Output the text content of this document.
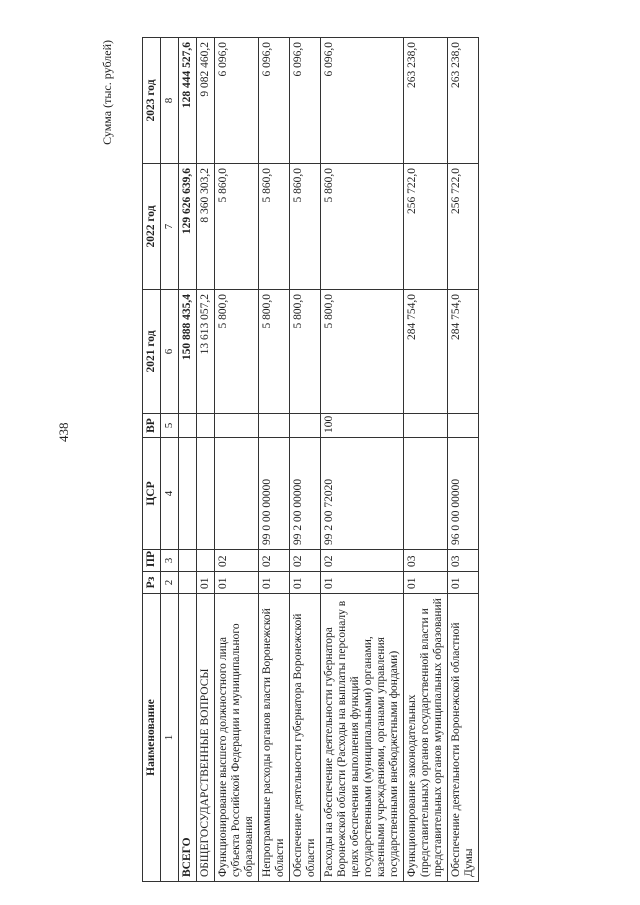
438
Сумма (тыс. рублей)
Наименование	Рз	ПР	ЦСР	ВР	2021 год	2022 год	2023 год
1	2	3	4	5	6	7	8
ВСЕГО					150 888 435,4	129 626 639,6	128 444 527,6
ОБЩЕГОСУДАРСТВЕННЫЕ ВОПРОСЫ	01				13 613 057,2	8 360 303,2	9 082 460,2
Функционирование высшего должностного лица субъекта Российской Федерации и муниципального образования	01	02			5 800,0	5 860,0	6 096,0
Непрограммные расходы органов власти Воронежской области	01	02	99 0 00 00000		5 800,0	5 860,0	6 096,0
Обеспечение деятельности губернатора Воронежской области	01	02	99 2 00 00000		5 800,0	5 860,0	6 096,0
Расходы на обеспечение деятельности губернатора Воронежской области (Расходы на выплаты персоналу в целях обеспечения выполнения функций государственными (муниципальными) органами, казенными учреждениями, органами управления государственными внебюджетными фондами)	01	02	99 2 00 72020	100	5 800,0	5 860,0	6 096,0
Функционирование законодательных (представительных) органов государственной власти и представительных органов муниципальных образований	01	03			284 754,0	256 722,0	263 238,0
Обеспечение деятельности Воронежской областной Думы	01	03	96 0 00 00000		284 754,0	256 722,0	263 238,0
